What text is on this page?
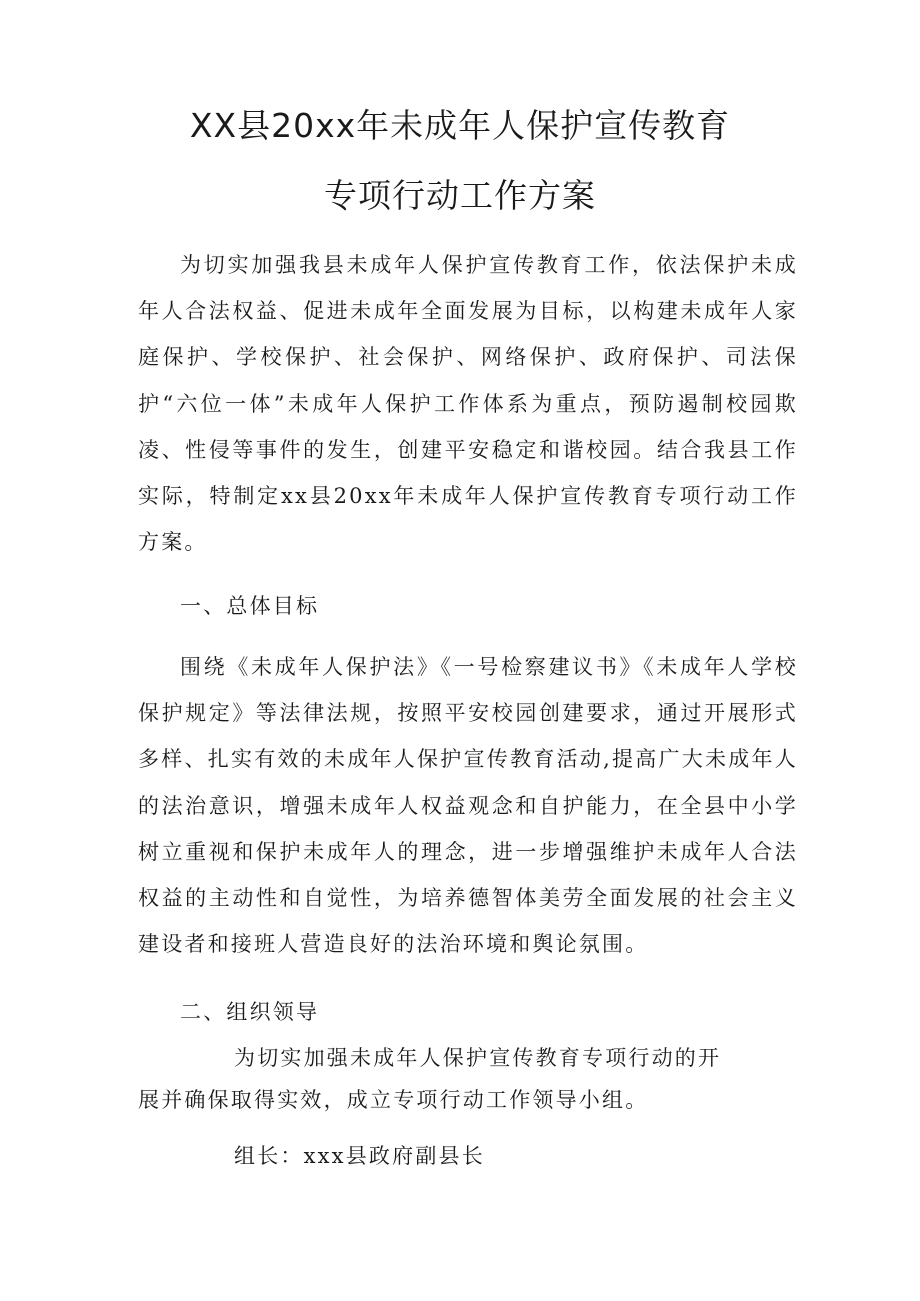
XX县20xx年未成年人保护宣传教育
专项行动工作方案

为切实加强我县未成年人保护宣传教育工作，依法保护未成年人合法权益、促进未成年全面发展为目标，以构建未成年人家庭保护、学校保护、社会保护、网络保护、政府保护、司法保护“六位一体”未成年人保护工作体系为重点，预防遏制校园欺凌、性侵等事件的发生，创建平安稳定和谐校园。结合我县工作实际，特制定xx县20xx年未成年人保护宣传教育专项行动工作方案。

一、总体目标

围绕《未成年人保护法》《一号检察建议书》《未成年人学校保护规定》等法律法规，按照平安校园创建要求，通过开展形式多样、扎实有效的未成年人保护宣传教育活动,提高广大未成年人的法治意识，增强未成年人权益观念和自护能力，在全县中小学树立重视和保护未成年人的理念，进一步增强维护未成年人合法权益的主动性和自觉性，为培养德智体美劳全面发展的社会主义建设者和接班人营造良好的法治环境和舆论氛围。

二、组织领导

为切实加强未成年人保护宣传教育专项行动的开
展并确保取得实效，成立专项行动工作领导小组。

组长：xxx县政府副县长
